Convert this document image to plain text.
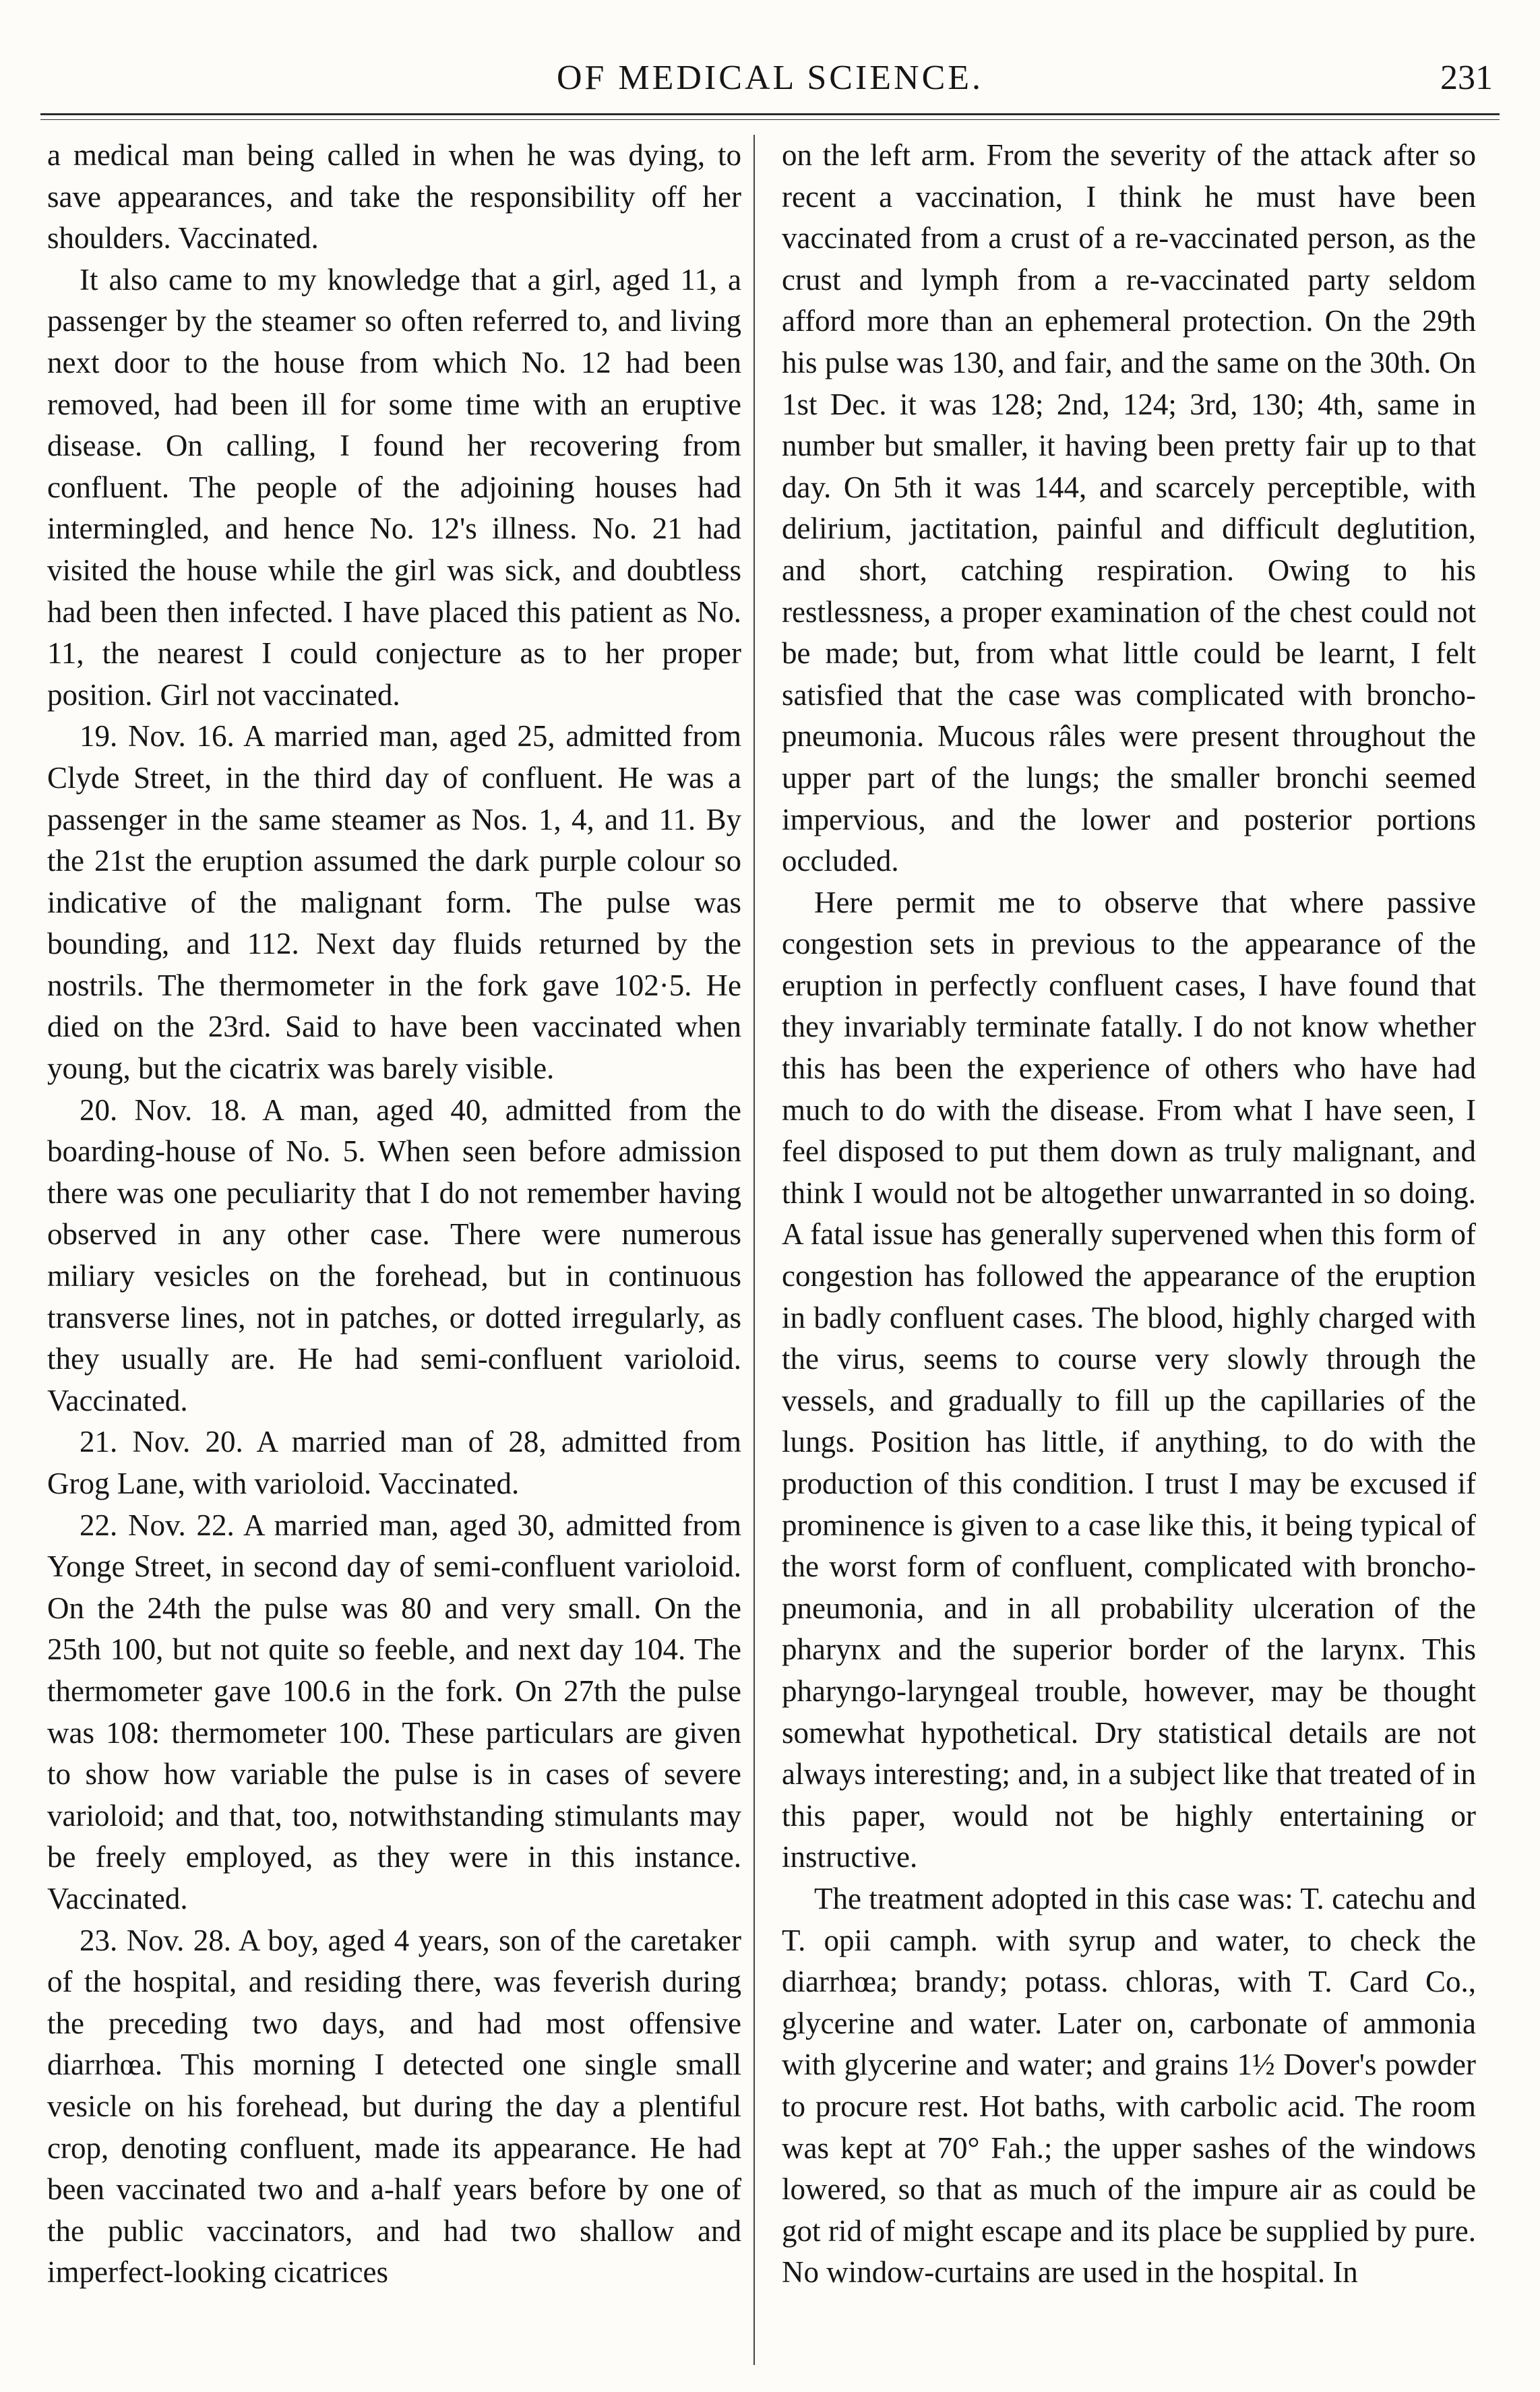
OF MEDICAL SCIENCE.	231

a medical man being called in when he was dying, to save appearances, and take the responsibility off her shoulders. Vaccinated.

It also came to my knowledge that a girl, aged 11, a passenger by the steamer so often referred to, and living next door to the house from which No. 12 had been removed, had been ill for some time with an eruptive disease. On calling, I found her recovering from confluent. The people of the adjoining houses had intermingled, and hence No. 12's illness. No. 21 had visited the house while the girl was sick, and doubtless had been then infected. I have placed this patient as No. 11, the nearest I could conjecture as to her proper position. Girl not vaccinated.

19. Nov. 16. A married man, aged 25, admitted from Clyde Street, in the third day of confluent. He was a passenger in the same steamer as Nos. 1, 4, and 11. By the 21st the eruption assumed the dark purple colour so indicative of the malignant form. The pulse was bounding, and 112. Next day fluids returned by the nostrils. The thermometer in the fork gave 102·5. He died on the 23rd. Said to have been vaccinated when young, but the cicatrix was barely visible.

20. Nov. 18. A man, aged 40, admitted from the boarding-house of No. 5. When seen before admission there was one peculiarity that I do not remember having observed in any other case. There were numerous miliary vesicles on the forehead, but in continuous transverse lines, not in patches, or dotted irregularly, as they usually are. He had semi-confluent varioloid. Vaccinated.

21. Nov. 20. A married man of 28, admitted from Grog Lane, with varioloid. Vaccinated.

22. Nov. 22. A married man, aged 30, admitted from Yonge Street, in second day of semi-confluent varioloid. On the 24th the pulse was 80 and very small. On the 25th 100, but not quite so feeble, and next day 104. The thermometer gave 100.6 in the fork. On 27th the pulse was 108: thermometer 100. These particulars are given to show how variable the pulse is in cases of severe varioloid; and that, too, notwithstanding stimulants may be freely employed, as they were in this instance. Vaccinated.

23. Nov. 28. A boy, aged 4 years, son of the caretaker of the hospital, and residing there, was feverish during the preceding two days, and had most offensive diarrhœa. This morning I detected one single small vesicle on his forehead, but during the day a plentiful crop, denoting confluent, made its appearance. He had been vaccinated two and a-half years before by one of the public vaccinators, and had two shallow and imperfect-looking cicatrices

on the left arm. From the severity of the attack after so recent a vaccination, I think he must have been vaccinated from a crust of a re-vaccinated person, as the crust and lymph from a re-vaccinated party seldom afford more than an ephemeral protection. On the 29th his pulse was 130, and fair, and the same on the 30th. On 1st Dec. it was 128; 2nd, 124; 3rd, 130; 4th, same in number but smaller, it having been pretty fair up to that day. On 5th it was 144, and scarcely perceptible, with delirium, jactitation, painful and difficult deglutition, and short, catching respiration. Owing to his restlessness, a proper examination of the chest could not be made; but, from what little could be learnt, I felt satisfied that the case was complicated with broncho-pneumonia. Mucous râles were present throughout the upper part of the lungs; the smaller bronchi seemed impervious, and the lower and posterior portions occluded.

Here permit me to observe that where passive congestion sets in previous to the appearance of the eruption in perfectly confluent cases, I have found that they invariably terminate fatally. I do not know whether this has been the experience of others who have had much to do with the disease. From what I have seen, I feel disposed to put them down as truly malignant, and think I would not be altogether unwarranted in so doing. A fatal issue has generally supervened when this form of congestion has followed the appearance of the eruption in badly confluent cases. The blood, highly charged with the virus, seems to course very slowly through the vessels, and gradually to fill up the capillaries of the lungs. Position has little, if anything, to do with the production of this condition. I trust I may be excused if prominence is given to a case like this, it being typical of the worst form of confluent, complicated with broncho-pneumonia, and in all probability ulceration of the pharynx and the superior border of the larynx. This pharyngo-laryngeal trouble, however, may be thought somewhat hypothetical. Dry statistical details are not always interesting; and, in a subject like that treated of in this paper, would not be highly entertaining or instructive.

The treatment adopted in this case was: T. catechu and T. opii camph. with syrup and water, to check the diarrhœa; brandy; potass. chloras, with T. Card Co., glycerine and water. Later on, carbonate of ammonia with glycerine and water; and grains 1½ Dover's powder to procure rest. Hot baths, with carbolic acid. The room was kept at 70° Fah.; the upper sashes of the windows lowered, so that as much of the impure air as could be got rid of might escape and its place be supplied by pure. No window-curtains are used in the hospital. In
